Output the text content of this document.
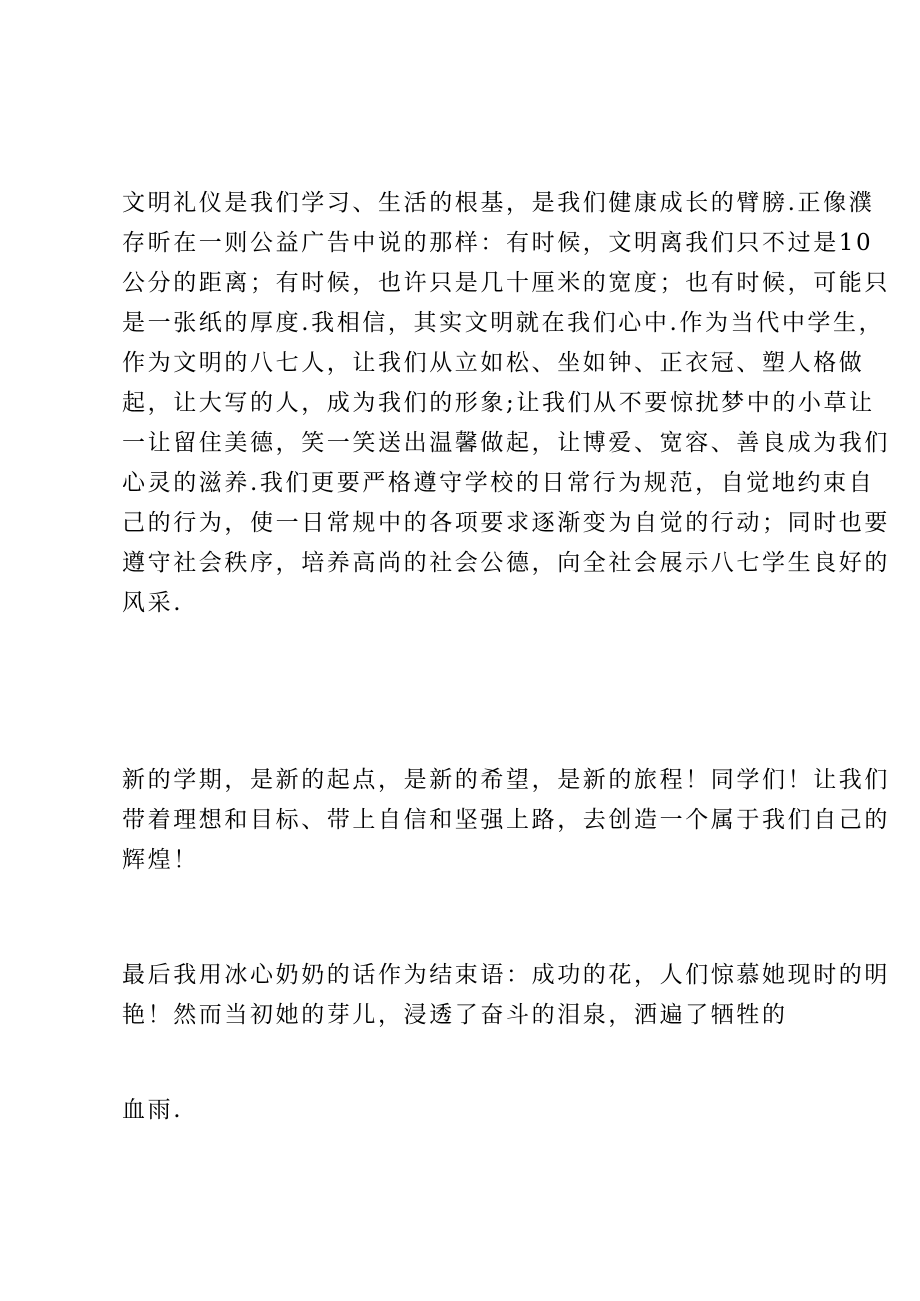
文明礼仪是我们学习、生活的根基，是我们健康成长的臂膀.正像濮
存昕在一则公益广告中说的那样：有时候，文明离我们只不过是10
公分的距离；有时候，也许只是几十厘米的宽度；也有时候，可能只
是一张纸的厚度.我相信，其实文明就在我们心中.作为当代中学生，
作为文明的八七人，让我们从立如松、坐如钟、正衣冠、塑人格做
起，让大写的人，成为我们的形象;让我们从不要惊扰梦中的小草让
一让留住美德，笑一笑送出温馨做起，让博爱、宽容、善良成为我们
心灵的滋养.我们更要严格遵守学校的日常行为规范，自觉地约束自
己的行为，使一日常规中的各项要求逐渐变为自觉的行动；同时也要
遵守社会秩序，培养高尚的社会公德，向全社会展示八七学生良好的
风采.
新的学期，是新的起点，是新的希望，是新的旅程！同学们！让我们
带着理想和目标、带上自信和坚强上路，去创造一个属于我们自己的
辉煌！
最后我用冰心奶奶的话作为结束语：成功的花，人们惊慕她现时的明
艳！然而当初她的芽儿，浸透了奋斗的泪泉，洒遍了牺牲的
血雨.
